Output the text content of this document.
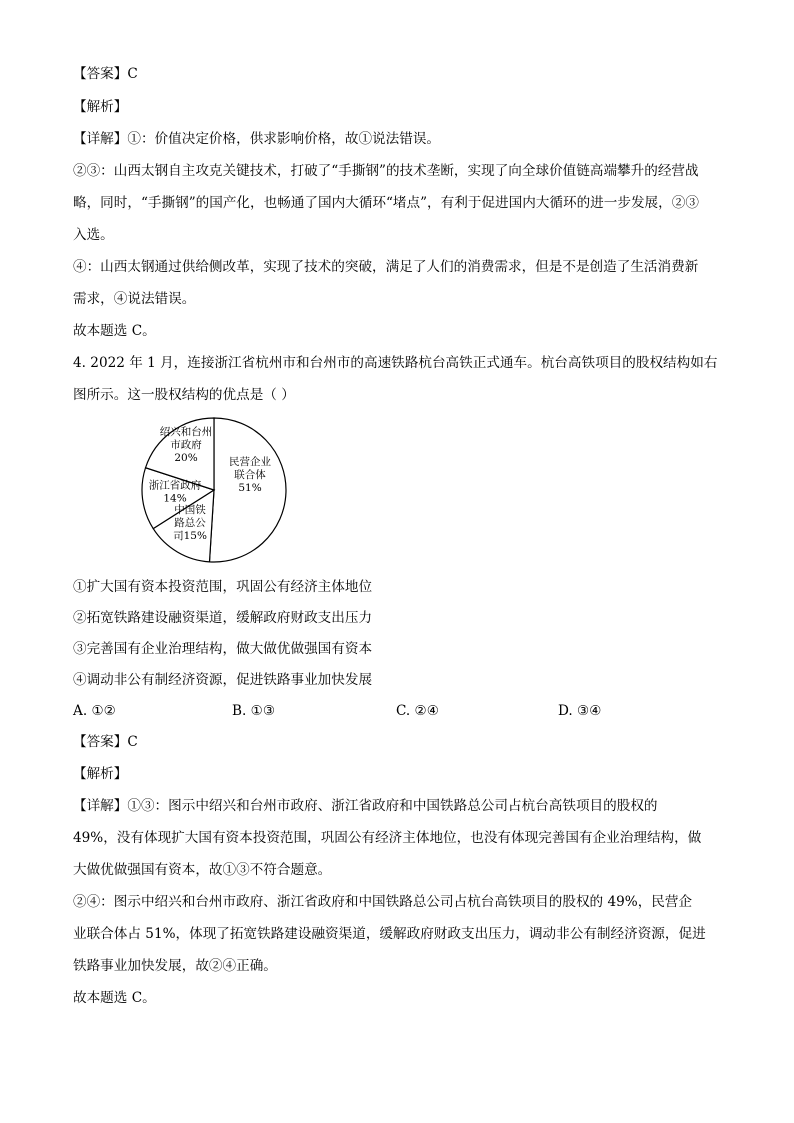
【答案】C
【解析】
【详解】①：价值决定价格，供求影响价格，故①说法错误。
②③：山西太钢自主攻克关键技术，打破了“手撕钢”的技术垄断，实现了向全球价值链高端攀升的经营战
略，同时，“手撕钢”的国产化，也畅通了国内大循环“堵点”，有利于促进国内大循环的进一步发展，②③
入选。
④：山西太钢通过供给侧改革，实现了技术的突破，满足了人们的消费需求，但是不是创造了生活消费新
需求，④说法错误。
故本题选 C。
4. 2022 年 1 月，连接浙江省杭州市和台州市的高速铁路杭台高铁正式通车。杭台高铁项目的股权结构如右
图所示。这一股权结构的优点是（ ）
民营企业
联合体
51%
中国铁
路总公
司15%
浙江省政府
14%
绍兴和台州
市政府
20%
①扩大国有资本投资范围，巩固公有经济主体地位
②拓宽铁路建设融资渠道，缓解政府财政支出压力
③完善国有企业治理结构，做大做优做强国有资本
④调动非公有制经济资源，促进铁路事业加快发展
A. ①②	B. ①③	C. ②④	D. ③④
【答案】C
【解析】
【详解】①③：图示中绍兴和台州市政府、浙江省政府和中国铁路总公司占杭台高铁项目的股权的
49%，没有体现扩大国有资本投资范围，巩固公有经济主体地位，也没有体现完善国有企业治理结构，做
大做优做强国有资本，故①③不符合题意。
②④：图示中绍兴和台州市政府、浙江省政府和中国铁路总公司占杭台高铁项目的股权的 49%，民营企
业联合体占 51%，体现了拓宽铁路建设融资渠道，缓解政府财政支出压力，调动非公有制经济资源，促进
铁路事业加快发展，故②④正确。
故本题选 C。
